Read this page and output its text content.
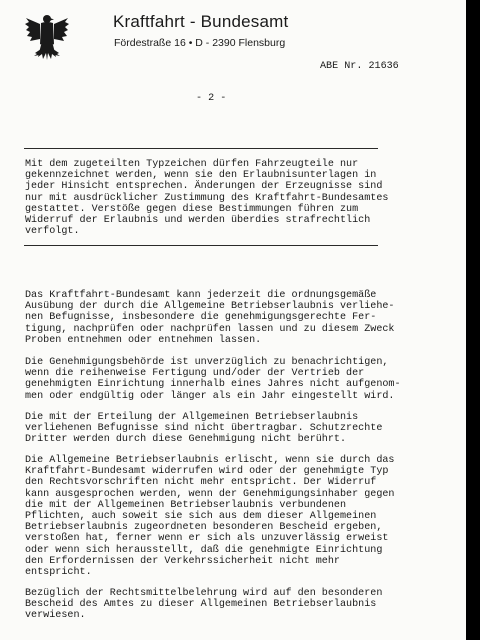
Kraftfahrt - Bundesamt
Fördestraße 16 • D - 2390 Flensburg
ABE Nr. 21636
- 2 -
Mit dem zugeteilten Typzeichen dürfen Fahrzeugteile nur
gekennzeichnet werden, wenn sie den Erlaubnisunterlagen in
jeder Hinsicht entsprechen. Änderungen der Erzeugnisse sind
nur mit ausdrücklicher Zustimmung des Kraftfahrt-Bundesamtes
gestattet. Verstöße gegen diese Bestimmungen führen zum
Widerruf der Erlaubnis und werden überdies strafrechtlich
verfolgt.
Das Kraftfahrt-Bundesamt kann jederzeit die ordnungsgemäße
Ausübung der durch die Allgemeine Betriebserlaubnis verliehe-
nen Befugnisse, insbesondere die genehmigungsgerechte Fer-
tigung, nachprüfen oder nachprüfen lassen und zu diesem Zweck
Proben entnehmen oder entnehmen lassen.
Die Genehmigungsbehörde ist unverzüglich zu benachrichtigen,
wenn die reihenweise Fertigung und/oder der Vertrieb der
genehmigten Einrichtung innerhalb eines Jahres nicht aufgenom-
men oder endgültig oder länger als ein Jahr eingestellt wird.
Die mit der Erteilung der Allgemeinen Betriebserlaubnis
verliehenen Befugnisse sind nicht übertragbar. Schutzrechte
Dritter werden durch diese Genehmigung nicht berührt.
Die Allgemeine Betriebserlaubnis erlischt, wenn sie durch das
Kraftfahrt-Bundesamt widerrufen wird oder der genehmigte Typ
den Rechtsvorschriften nicht mehr entspricht. Der Widerruf
kann ausgesprochen werden, wenn der Genehmigungsinhaber gegen
die mit der Allgemeinen Betriebserlaubnis verbundenen
Pflichten, auch soweit sie sich aus dem dieser Allgemeinen
Betriebserlaubnis zugeordneten besonderen Bescheid ergeben,
verstoßen hat, ferner wenn er sich als unzuverlässig erweist
oder wenn sich herausstellt, daß die genehmigte Einrichtung
den Erfordernissen der Verkehrssicherheit nicht mehr
entspricht.
Bezüglich der Rechtsmittelbelehrung wird auf den besonderen
Bescheid des Amtes zu dieser Allgemeinen Betriebserlaubnis
verwiesen.
